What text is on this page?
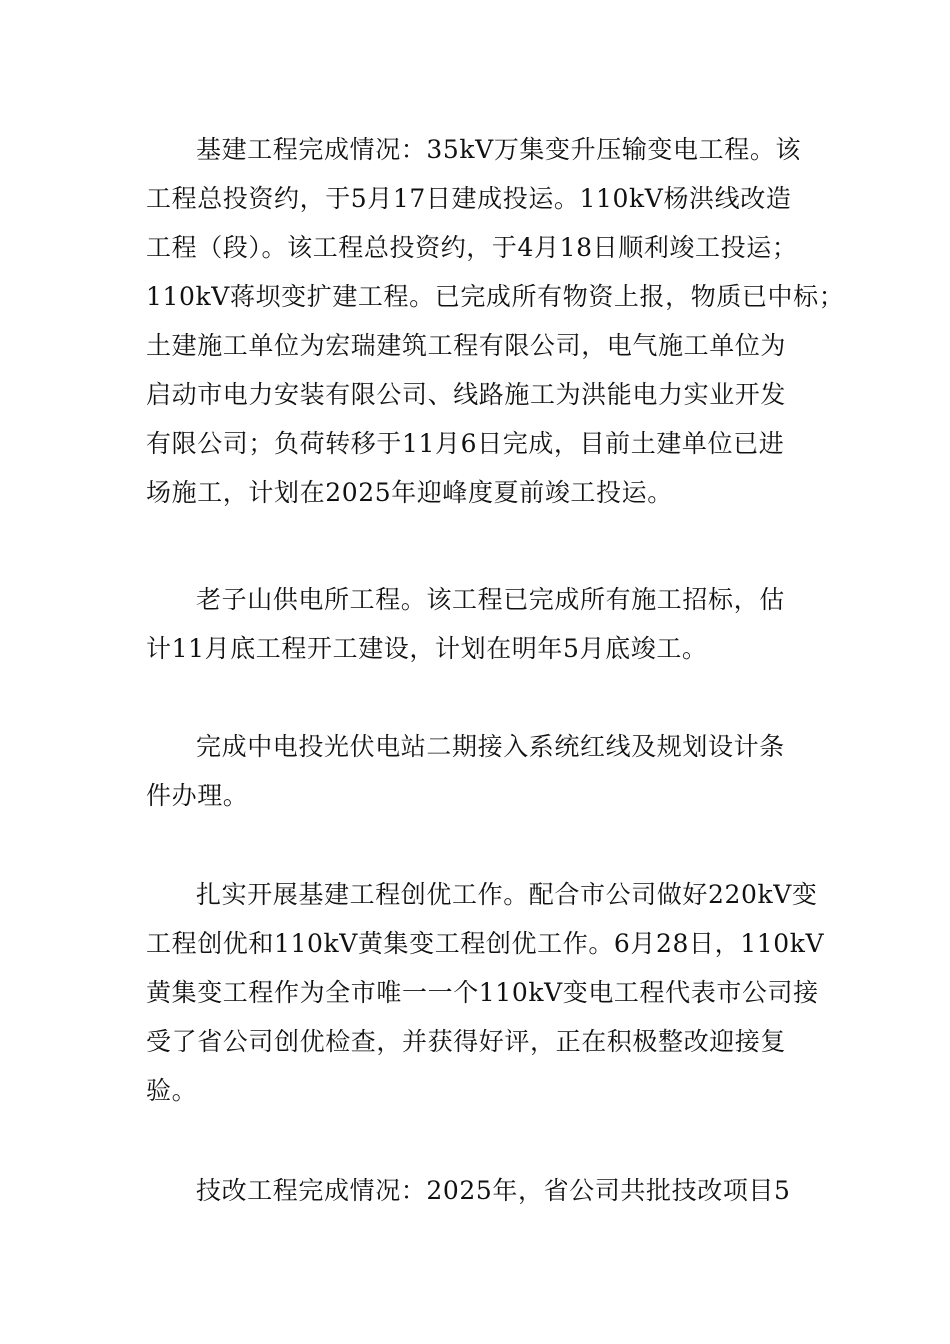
基建工程完成情况：35kV万集变升压输变电工程。该
工程总投资约，于5月17日建成投运。110kV杨洪线改造
工程（段）。该工程总投资约，于4月18日顺利竣工投运；
110kV蒋坝变扩建工程。已完成所有物资上报，物质已中标；
土建施工单位为宏瑞建筑工程有限公司，电气施工单位为
启动市电力安装有限公司、线路施工为洪能电力实业开发
有限公司；负荷转移于11月6日完成，目前土建单位已进
场施工，计划在2025年迎峰度夏前竣工投运。
老子山供电所工程。该工程已完成所有施工招标，估
计11月底工程开工建设，计划在明年5月底竣工。
完成中电投光伏电站二期接入系统红线及规划设计条
件办理。
扎实开展基建工程创优工作。配合市公司做好220kV变
工程创优和110kV黄集变工程创优工作。6月28日，110kV
黄集变工程作为全市唯一一个110kV变电工程代表市公司接
受了省公司创优检查，并获得好评，正在积极整改迎接复
验。
技改工程完成情况：2025年，省公司共批技改项目5
